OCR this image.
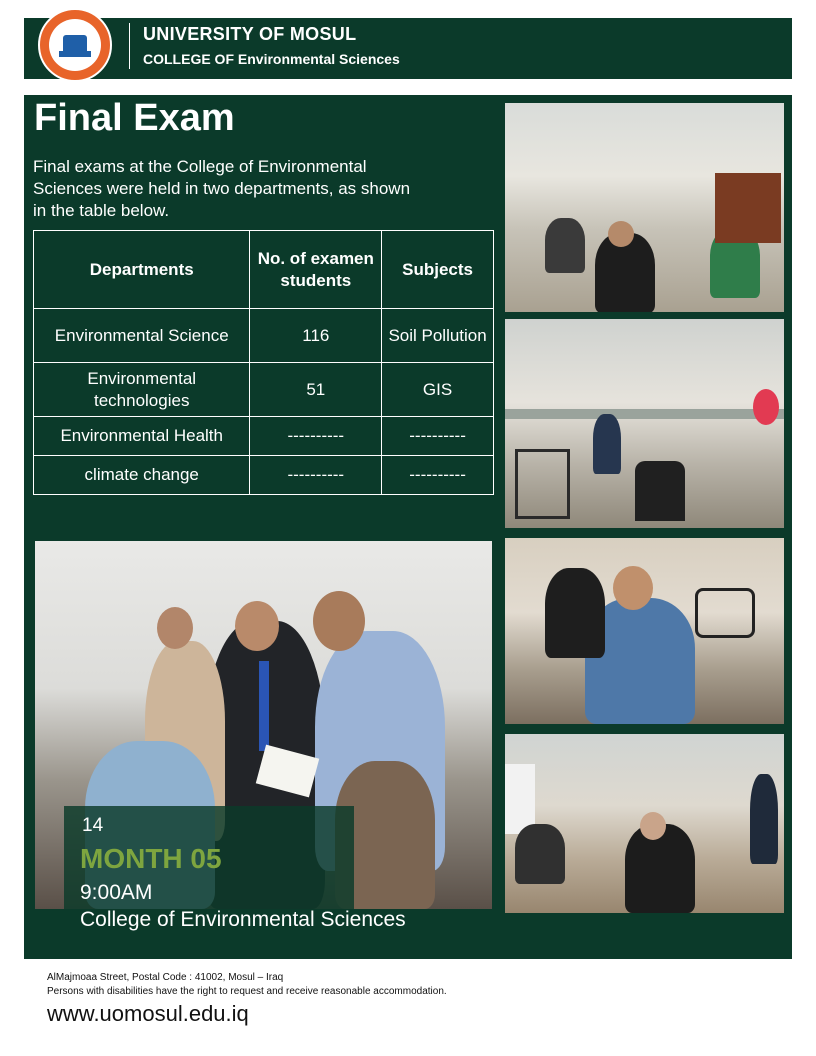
UNIVERSITY OF MOSUL
COLLEGE OF Environmental Sciences
Final Exam
Final exams at the College of Environmental Sciences were held in two departments, as shown in the table below.
Departments	No. of examen students	Subjects
Environmental Science	116	Soil Pollution
Environmental technologies	51	GIS
Environmental Health	----------	----------
climate change	----------	----------
14
MONTH 05
9:00AM
College of Environmental Sciences
AlMajmoaa Street, Postal Code : 41002, Mosul – Iraq
Persons with disabilities have the right to request and receive reasonable accommodation.
www.uomosul.edu.iq
